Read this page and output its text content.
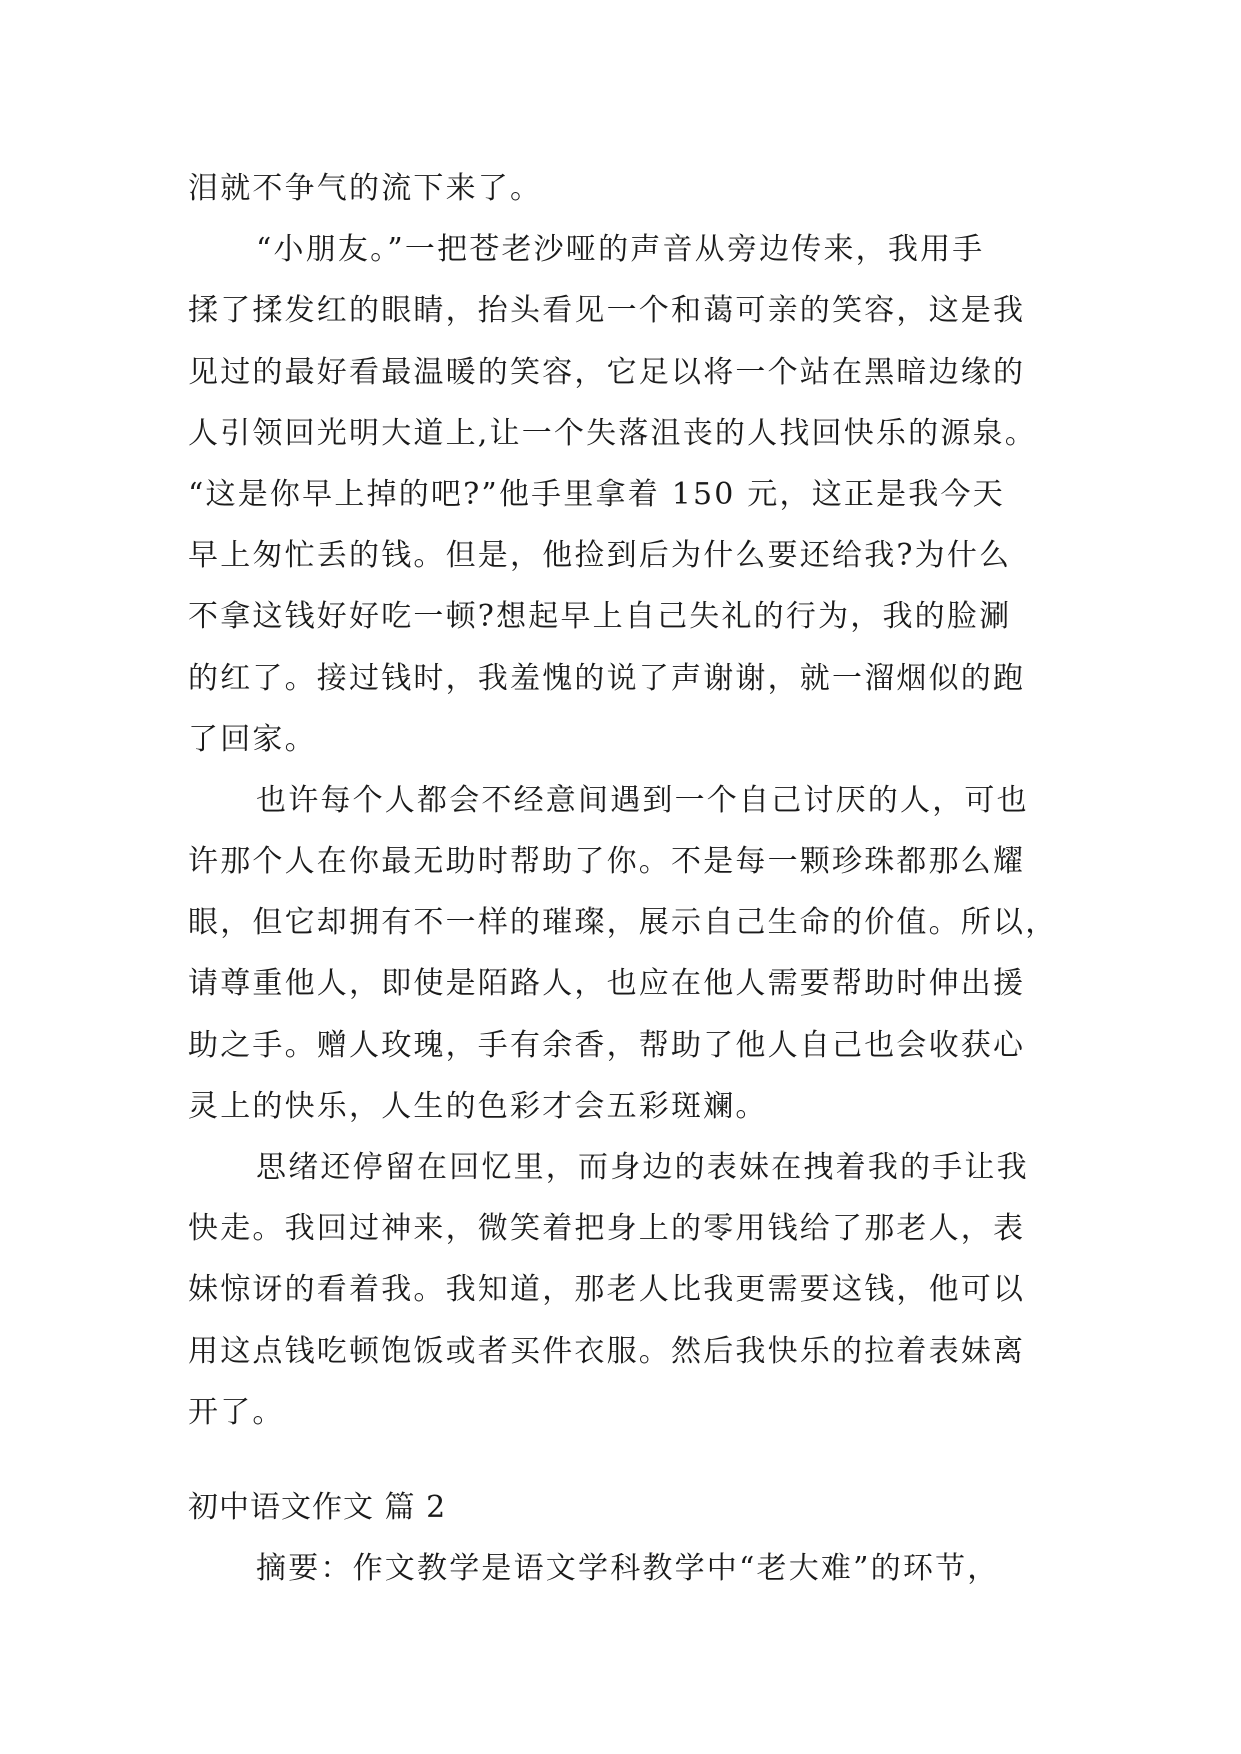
泪就不争气的流下来了。
“小朋友。”一把苍老沙哑的声音从旁边传来，我用手
揉了揉发红的眼睛，抬头看见一个和蔼可亲的笑容，这是我
见过的最好看最温暖的笑容，它足以将一个站在黑暗边缘的
人引领回光明大道上,让一个失落沮丧的人找回快乐的源泉。
“这是你早上掉的吧?”他手里拿着 150 元，这正是我今天
早上匆忙丢的钱。但是，他捡到后为什么要还给我?为什么
不拿这钱好好吃一顿?想起早上自己失礼的行为，我的脸涮
的红了。接过钱时，我羞愧的说了声谢谢，就一溜烟似的跑
了回家。
也许每个人都会不经意间遇到一个自己讨厌的人，可也
许那个人在你最无助时帮助了你。不是每一颗珍珠都那么耀
眼，但它却拥有不一样的璀璨，展示自己生命的价值。所以，
请尊重他人，即使是陌路人，也应在他人需要帮助时伸出援
助之手。赠人玫瑰，手有余香，帮助了他人自己也会收获心
灵上的快乐，人生的色彩才会五彩斑斓。
思绪还停留在回忆里，而身边的表妹在拽着我的手让我
快走。我回过神来，微笑着把身上的零用钱给了那老人，表
妹惊讶的看着我。我知道，那老人比我更需要这钱，他可以
用这点钱吃顿饱饭或者买件衣服。然后我快乐的拉着表妹离
开了。
初中语文作文 篇 2
摘要：作文教学是语文学科教学中“老大难”的环节，
